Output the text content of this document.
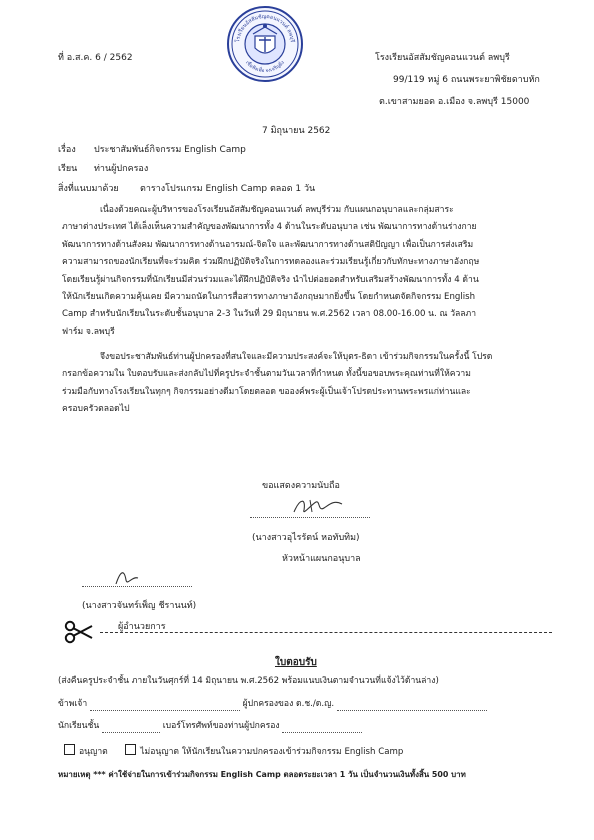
ที่ อ.ส.ค. 6 / 2562
โรงเรียนอัสสัมชัญคอนแวนต์ ลพบุรี
เชื่อฟังเพื่อ จงเจริญยิ่ง	โรงเรียนอัสสัมชัญคอนแวนต์ ลพบุรี
99/119 หมู่ 6 ถนนพระยาพิชัยดาบหัก
ต.เขาสามยอด อ.เมือง จ.ลพบุรี 15000
7 มิถุนายน 2562
เรื่อง ประชาสัมพันธ์กิจกรรม English Camp
เรียน ท่านผู้ปกครอง
สิ่งที่แนบมาด้วย ตารางโปรแกรม English Camp ตลอด 1 วัน
เนื่องด้วยคณะผู้บริหารของโรงเรียนอัสสัมชัญคอนแวนต์ ลพบุรีร่วม กับแผนกอนุบาลและกลุ่มสาระ
ภาษาต่างประเทศ ได้เล็งเห็นความสำคัญของพัฒนาการทั้ง 4 ด้านในระดับอนุบาล เช่น พัฒนาการทางด้านร่างกาย
พัฒนาการทางด้านสังคม พัฒนาการทางด้านอารมณ์-จิตใจ และพัฒนาการทางด้านสติปัญญา เพื่อเป็นการส่งเสริม
ความสามารถของนักเรียนที่จะร่วมคิด ร่วมฝึกปฏิบัติจริงในการทดลองและร่วมเรียนรู้เกี่ยวกับทักษะทางภาษาอังกฤษ
โดยเรียนรู้ผ่านกิจกรรมที่นักเรียนมีส่วนร่วมและได้ฝึกปฏิบัติจริง นำไปต่อยอดสำหรับเสริมสร้างพัฒนาการทั้ง 4 ด้าน
ให้นักเรียนเกิดความคุ้นเคย มีความถนัดในการสื่อสารทางภาษาอังกฤษมากยิ่งขึ้น โดยกำหนดจัดกิจกรรม English
Camp สำหรับนักเรียนในระดับชั้นอนุบาล 2-3 ในวันที่ 29 มิถุนายน พ.ศ.2562 เวลา 08.00-16.00 น. ณ วัลลภา
ฟาร์ม จ.ลพบุรี
จึงขอประชาสัมพันธ์ท่านผู้ปกครองที่สนใจและมีความประสงค์จะให้บุตร-ธิดา เข้าร่วมกิจกรรมในครั้งนี้ โปรด
กรอกข้อความใน ใบตอบรับและส่งกลับไปที่ครูประจำชั้นตามวันเวลาที่กำหนด ทั้งนี้ขอขอบพระคุณท่านที่ให้ความ
ร่วมมือกับทางโรงเรียนในทุกๆ กิจกรรมอย่างดีมาโดยตลอด ขอองค์พระผู้เป็นเจ้าโปรดประทานพระพรแก่ท่านและ
ครอบครัวตลอดไป
ขอแสดงความนับถือ
(นางสาวอุไรรัตน์ หอทับทิม)
หัวหน้าแผนกอนุบาล
(นางสาวจันทร์เพ็ญ ชีรานนท์)
ผู้อำนวยการ
ใบตอบรับ
(ส่งคืนครูประจำชั้น ภายในวันศุกร์ที่ 14 มิถุนายน พ.ศ.2562 พร้อมแนบเงินตามจำนวนที่แจ้งไว้ด้านล่าง)
ข้าพเจ้า	ผู้ปกครองของ ด.ช./ด.ญ.
นักเรียนชั้น	เบอร์โทรศัพท์ของท่านผู้ปกครอง
อนุญาต	ไม่อนุญาต ให้นักเรียนในความปกครองเข้าร่วมกิจกรรม English Camp
หมายเหตุ *** ค่าใช้จ่ายในการเข้าร่วมกิจกรรม English Camp ตลอดระยะเวลา 1 วัน เป็นจำนวนเงินทั้งสิ้น 500 บาท
